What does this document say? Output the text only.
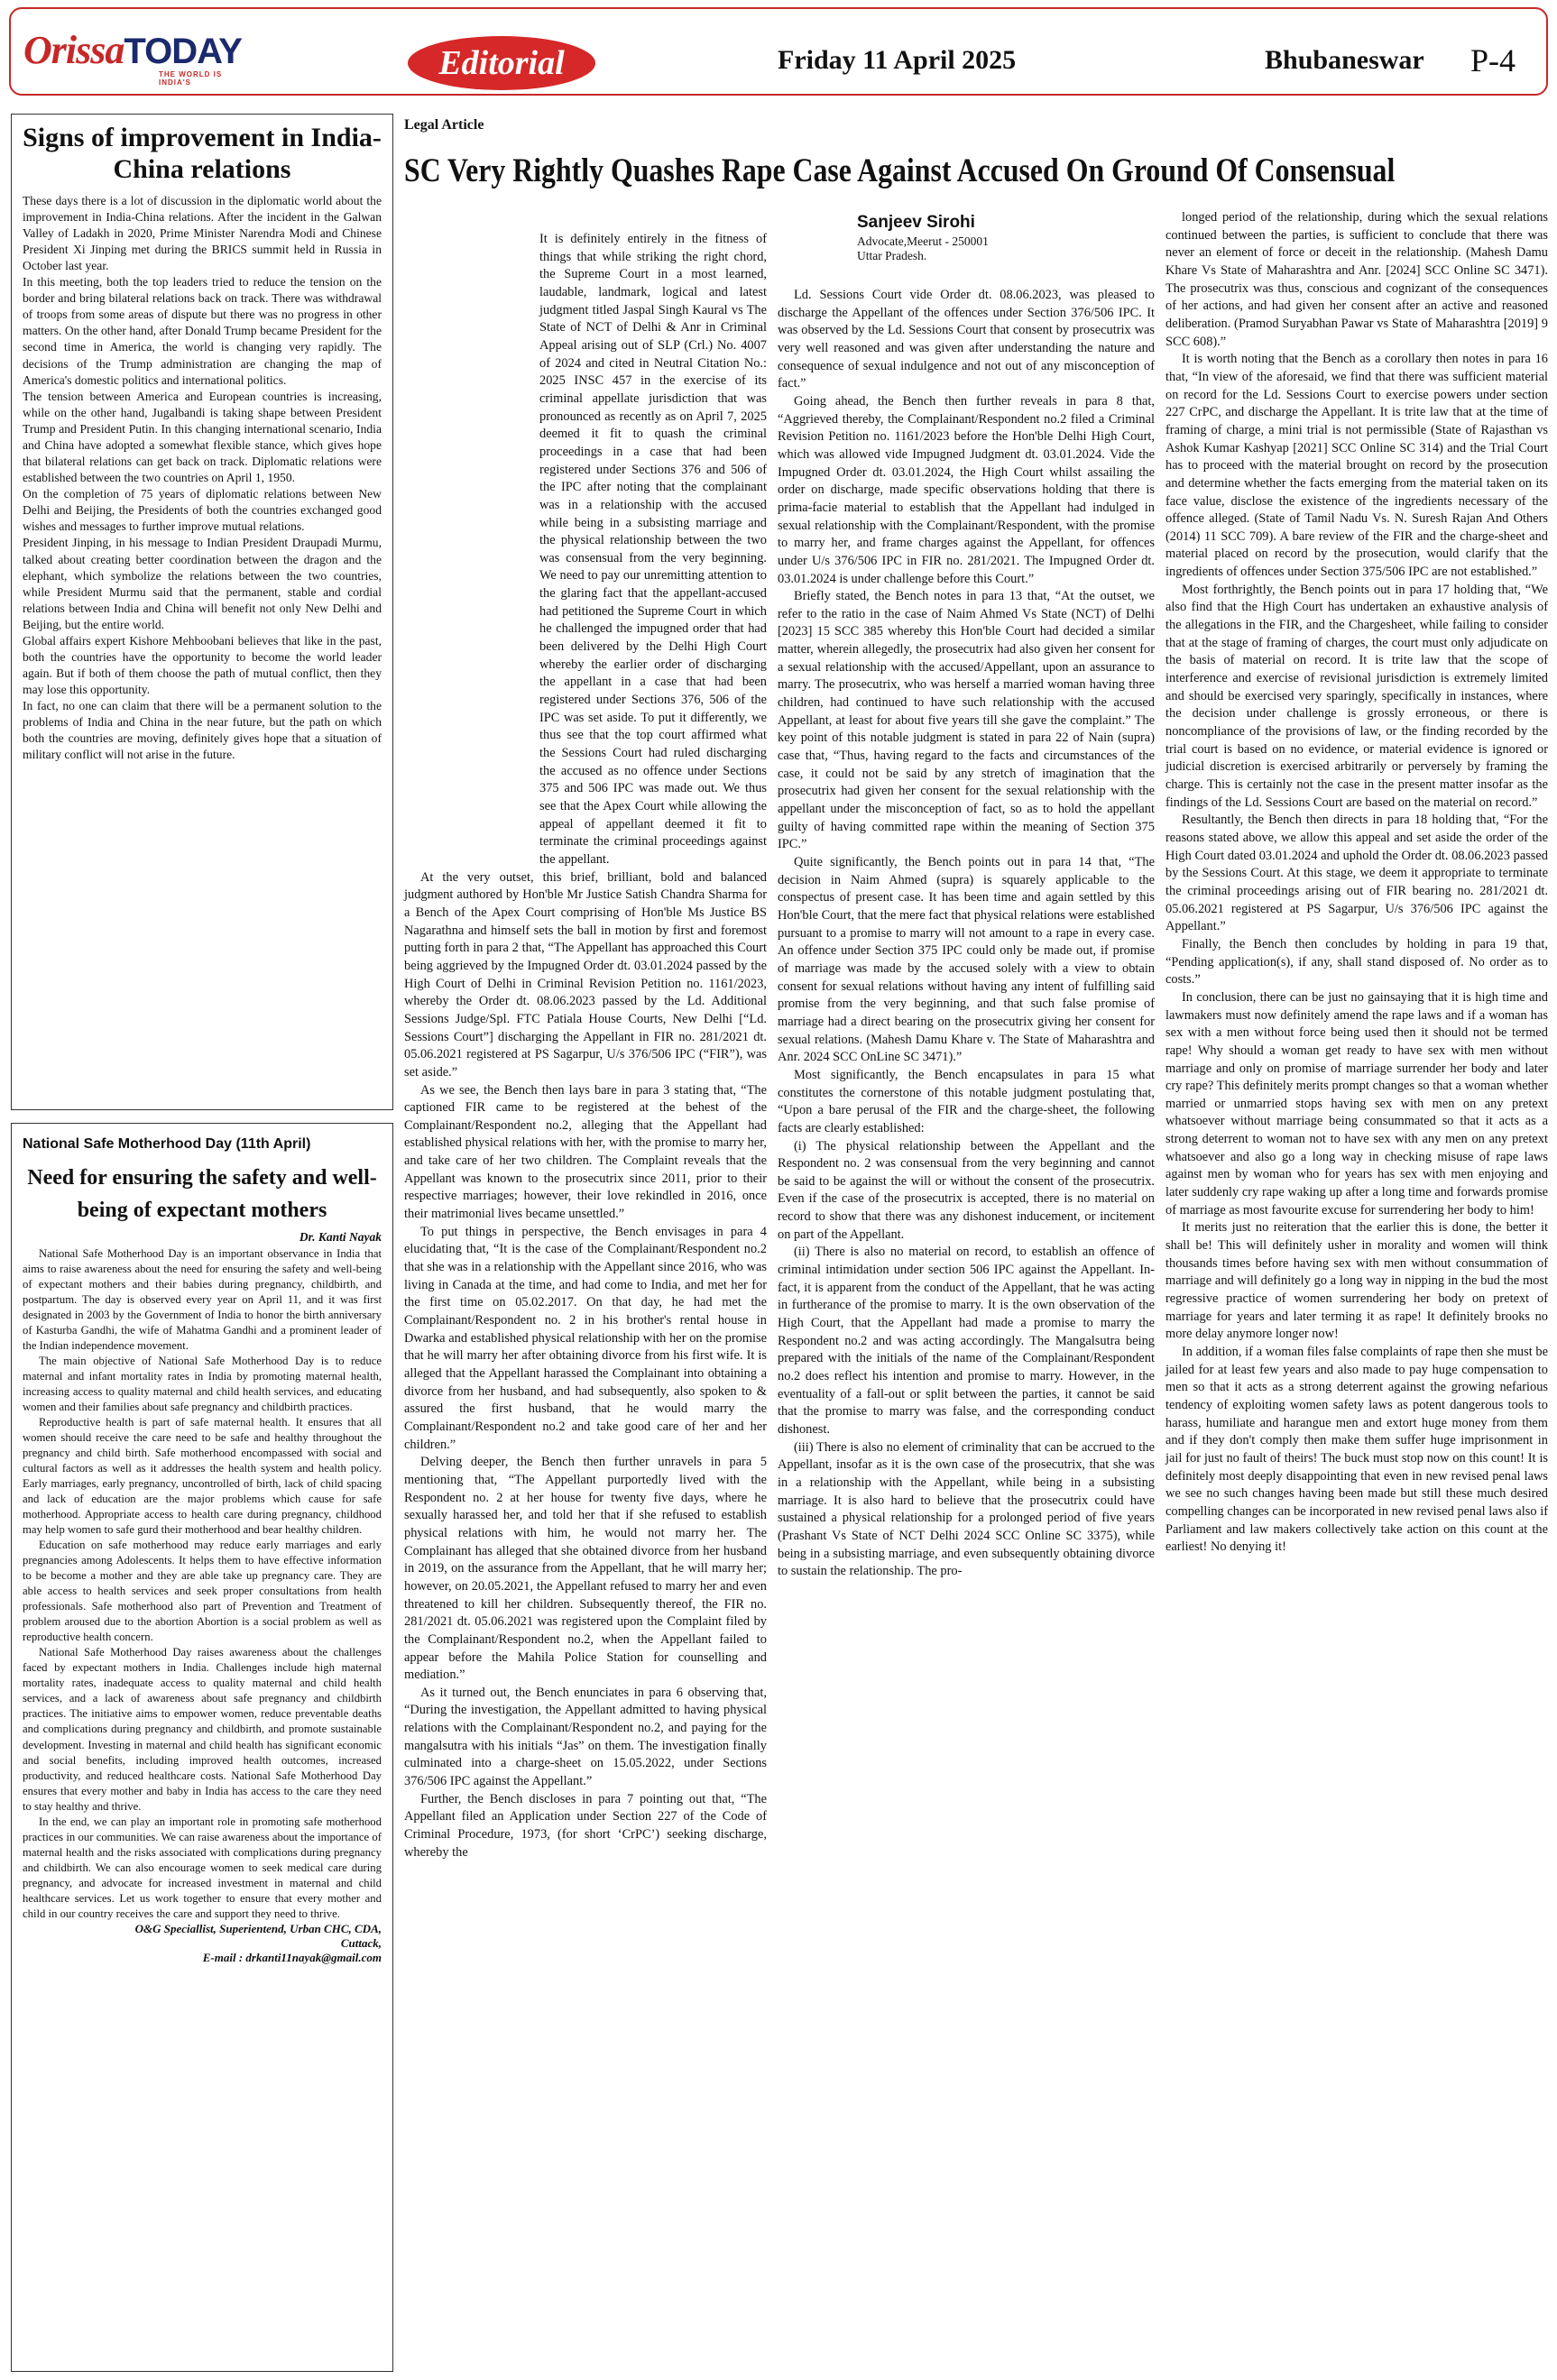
OrissaTODAY
THE WORLD IS INDIA'S
Editorial	Friday 11 April 2025	Bhubaneswar P-4
Signs of improvement in India-China relations

These days there is a lot of discussion in the diplomatic world about the improvement in India-China relations. After the incident in the Galwan Valley of Ladakh in 2020, Prime Minister Narendra Modi and Chinese President Xi Jinping met during the BRICS summit held in Russia in October last year.

In this meeting, both the top leaders tried to reduce the tension on the border and bring bilateral relations back on track. There was withdrawal of troops from some areas of dispute but there was no progress in other matters. On the other hand, after Donald Trump became President for the second time in America, the world is changing very rapidly. The decisions of the Trump administration are changing the map of America's domestic politics and international politics.

The tension between America and European countries is increasing, while on the other hand, Jugalbandi is taking shape between President Trump and President Putin. In this changing international scenario, India and China have adopted a somewhat flexible stance, which gives hope that bilateral relations can get back on track. Diplomatic relations were established between the two countries on April 1, 1950.

On the completion of 75 years of diplomatic relations between New Delhi and Beijing, the Presidents of both the countries exchanged good wishes and messages to further improve mutual relations.

President Jinping, in his message to Indian President Draupadi Murmu, talked about creating better coordination between the dragon and the elephant, which symbolize the relations between the two countries, while President Murmu said that the permanent, stable and cordial relations between India and China will benefit not only New Delhi and Beijing, but the entire world.

Global affairs expert Kishore Mehboobani believes that like in the past, both the countries have the opportunity to become the world leader again. But if both of them choose the path of mutual conflict, then they may lose this opportunity.

In fact, no one can claim that there will be a permanent solution to the problems of India and China in the near future, but the path on which both the countries are moving, definitely gives hope that a situation of military conflict will not arise in the future.

National Safe Motherhood Day (11th April)
Need for ensuring the safety and well-being of expectant mothers
Dr. Kanti Nayak

National Safe Motherhood Day is an important observance in India that aims to raise awareness about the need for ensuring the safety and well-being of expectant mothers and their babies during pregnancy, childbirth, and postpartum. The day is observed every year on April 11, and it was first designated in 2003 by the Government of India to honor the birth anniversary of Kasturba Gandhi, the wife of Mahatma Gandhi and a prominent leader of the Indian independence movement.

The main objective of National Safe Motherhood Day is to reduce maternal and infant mortality rates in India by promoting maternal health, increasing access to quality maternal and child health services, and educating women and their families about safe pregnancy and childbirth practices.

Reproductive health is part of safe maternal health. It ensures that all women should receive the care need to be safe and healthy throughout the pregnancy and child birth. Safe motherhood encompassed with social and cultural factors as well as it addresses the health system and health policy. Early marriages, early pregnancy, uncontrolled of birth, lack of child spacing and lack of education are the major problems which cause for safe motherhood. Appropriate access to health care during pregnancy, childhood may help women to safe gurd their motherhood and bear healthy children.

Education on safe motherhood may reduce early marriages and early pregnancies among Adolescents. It helps them to have effective information to be become a mother and they are able take up pregnancy care. They are able access to health services and seek proper consultations from health professionals. Safe motherhood also part of Prevention and Treatment of problem aroused due to the abortion Abortion is a social problem as well as reproductive health concern.

National Safe Motherhood Day raises awareness about the challenges faced by expectant mothers in India. Challenges include high maternal mortality rates, inadequate access to quality maternal and child health services, and a lack of awareness about safe pregnancy and childbirth practices. The initiative aims to empower women, reduce preventable deaths and complications during pregnancy and childbirth, and promote sustainable development. Investing in maternal and child health has significant economic and social benefits, including improved health outcomes, increased productivity, and reduced healthcare costs. National Safe Motherhood Day ensures that every mother and baby in India has access to the care they need to stay healthy and thrive.

In the end, we can play an important role in promoting safe motherhood practices in our communities. We can raise awareness about the importance of maternal health and the risks associated with complications during pregnancy and childbirth. We can also encourage women to seek medical care during pregnancy, and advocate for increased investment in maternal and child healthcare services. Let us work together to ensure that every mother and child in our country receives the care and support they need to thrive.

O&G Speciallist, Superientend, Urban CHC, CDA,
Cuttack,
E-mail : drkanti11nayak@gmail.com
Legal Article
SC Very Rightly Quashes Rape Case Against Accused On Ground Of Consensual

It is definitely entirely in the fitness of things that while striking the right chord, the Supreme Court in a most learned, laudable, landmark, logical and latest judgment titled Jaspal Singh Kaural vs The State of NCT of Delhi & Anr in Criminal Appeal arising out of SLP (Crl.) No. 4007 of 2024 and cited in Neutral Citation No.: 2025 INSC 457 in the exercise of its criminal appellate jurisdiction that was pronounced as recently as on April 7, 2025 deemed it fit to quash the criminal proceedings in a case that had been registered under Sections 376 and 506 of the IPC after noting that the complainant was in a relationship with the accused while being in a subsisting marriage and the physical relationship between the two was consensual from the very beginning. We need to pay our unremitting attention to the glaring fact that the appellant-accused had petitioned the Supreme Court in which he challenged the impugned order that had been delivered by the Delhi High Court whereby the earlier order of discharging the appellant in a case that had been registered under Sections 376, 506 of the IPC was set aside. To put it differently, we thus see that the top court affirmed what the Sessions Court had ruled discharging the accused as no offence under Sections 375 and 506 IPC was made out. We thus see that the Apex Court while allowing the appeal of appellant deemed it fit to terminate the criminal proceedings against the appellant.

At the very outset, this brief, brilliant, bold and balanced judgment authored by Hon'ble Mr Justice Satish Chandra Sharma for a Bench of the Apex Court comprising of Hon'ble Ms Justice BS Nagarathna and himself sets the ball in motion by first and foremost putting forth in para 2 that, “The Appellant has approached this Court being aggrieved by the Impugned Order dt. 03.01.2024 passed by the High Court of Delhi in Criminal Revision Petition no. 1161/2023, whereby the Order dt. 08.06.2023 passed by the Ld. Additional Sessions Judge/Spl. FTC Patiala House Courts, New Delhi [“Ld. Sessions Court”] discharging the Appellant in FIR no. 281/2021 dt. 05.06.2021 registered at PS Sagarpur, U/s 376/506 IPC (“FIR”), was set aside.”

As we see, the Bench then lays bare in para 3 stating that, “The captioned FIR came to be registered at the behest of the Complainant/Respondent no.2, alleging that the Appellant had established physical relations with her, with the promise to marry her, and take care of her two children. The Complaint reveals that the Appellant was known to the prosecutrix since 2011, prior to their respective marriages; however, their love rekindled in 2016, once their matrimonial lives became unsettled.”

To put things in perspective, the Bench envisages in para 4 elucidating that, “It is the case of the Complainant/Respondent no.2 that she was in a relationship with the Appellant since 2016, who was living in Canada at the time, and had come to India, and met her for the first time on 05.02.2017. On that day, he had met the Complainant/Respondent no. 2 in his brother's rental house in Dwarka and established physical relationship with her on the promise that he will marry her after obtaining divorce from his first wife. It is alleged that the Appellant harassed the Complainant into obtaining a divorce from her husband, and had subsequently, also spoken to & assured the first husband, that he would marry the Complainant/Respondent no.2 and take good care of her and her children.”

Delving deeper, the Bench then further unravels in para 5 mentioning that, “The Appellant purportedly lived with the Respondent no. 2 at her house for twenty five days, where he sexually harassed her, and told her that if she refused to establish physical relations with him, he would not marry her. The Complainant has alleged that she obtained divorce from her husband in 2019, on the assurance from the Appellant, that he will marry her; however, on 20.05.2021, the Appellant refused to marry her and even threatened to kill her children. Subsequently thereof, the FIR no. 281/2021 dt. 05.06.2021 was registered upon the Complaint filed by the Complainant/Respondent no.2, when the Appellant failed to appear before the Mahila Police Station for counselling and mediation.”

As it turned out, the Bench enunciates in para 6 observing that, “During the investigation, the Appellant admitted to having physical relations with the Complainant/Respondent no.2, and paying for the mangalsutra with his initials “Jas” on them. The investigation finally culminated into a charge-sheet on 15.05.2022, under Sections 376/506 IPC against the Appellant.”

Further, the Bench discloses in para 7 pointing out that, “The Appellant filed an Application under Section 227 of the Code of Criminal Procedure, 1973, (for short ‘CrPC’) seeking discharge, whereby the

Sanjeev Sirohi
Advocate,Meerut - 250001
Uttar Pradesh.

Ld. Sessions Court vide Order dt. 08.06.2023, was pleased to discharge the Appellant of the offences under Section 376/506 IPC. It was observed by the Ld. Sessions Court that consent by prosecutrix was very well reasoned and was given after understanding the nature and consequence of sexual indulgence and not out of any misconception of fact.”

Going ahead, the Bench then further reveals in para 8 that, “Aggrieved thereby, the Complainant/Respondent no.2 filed a Criminal Revision Petition no. 1161/2023 before the Hon'ble Delhi High Court, which was allowed vide Impugned Judgment dt. 03.01.2024. Vide the Impugned Order dt. 03.01.2024, the High Court whilst assailing the order on discharge, made specific observations holding that there is prima-facie material to establish that the Appellant had indulged in sexual relationship with the Complainant/Respondent, with the promise to marry her, and frame charges against the Appellant, for offences under U/s 376/506 IPC in FIR no. 281/2021. The Impugned Order dt. 03.01.2024 is under challenge before this Court.”

Briefly stated, the Bench notes in para 13 that, “At the outset, we refer to the ratio in the case of Naim Ahmed Vs State (NCT) of Delhi [2023] 15 SCC 385 whereby this Hon'ble Court had decided a similar matter, wherein allegedly, the prosecutrix had also given her consent for a sexual relationship with the accused/Appellant, upon an assurance to marry. The prosecutrix, who was herself a married woman having three children, had continued to have such relationship with the accused Appellant, at least for about five years till she gave the complaint.” The key point of this notable judgment is stated in para 22 of Nain (supra) case that, “Thus, having regard to the facts and circumstances of the case, it could not be said by any stretch of imagination that the prosecutrix had given her consent for the sexual relationship with the appellant under the misconception of fact, so as to hold the appellant guilty of having committed rape within the meaning of Section 375 IPC.”

Quite significantly, the Bench points out in para 14 that, “The decision in Naim Ahmed (supra) is squarely applicable to the conspectus of present case. It has been time and again settled by this Hon'ble Court, that the mere fact that physical relations were established pursuant to a promise to marry will not amount to a rape in every case. An offence under Section 375 IPC could only be made out, if promise of marriage was made by the accused solely with a view to obtain consent for sexual relations without having any intent of fulfilling said promise from the very beginning, and that such false promise of marriage had a direct bearing on the prosecutrix giving her consent for sexual relations. (Mahesh Damu Khare v. The State of Maharashtra and Anr. 2024 SCC OnLine SC 3471).”

Most significantly, the Bench encapsulates in para 15 what constitutes the cornerstone of this notable judgment postulating that, “Upon a bare perusal of the FIR and the charge-sheet, the following facts are clearly established:

(i) The physical relationship between the Appellant and the Respondent no. 2 was consensual from the very beginning and cannot be said to be against the will or without the consent of the prosecutrix. Even if the case of the prosecutrix is accepted, there is no material on record to show that there was any dishonest inducement, or incitement on part of the Appellant.

(ii) There is also no material on record, to establish an offence of criminal intimidation under section 506 IPC against the Appellant. In-fact, it is apparent from the conduct of the Appellant, that he was acting in furtherance of the promise to marry. It is the own observation of the High Court, that the Appellant had made a promise to marry the Respondent no.2 and was acting accordingly. The Mangalsutra being prepared with the initials of the name of the Complainant/Respondent no.2 does reflect his intention and promise to marry. However, in the eventuality of a fall-out or split between the parties, it cannot be said that the promise to marry was false, and the corresponding conduct dishonest.

(iii) There is also no element of criminality that can be accrued to the Appellant, insofar as it is the own case of the prosecutrix, that she was in a relationship with the Appellant, while being in a subsisting marriage. It is also hard to believe that the prosecutrix could have sustained a physical relationship for a prolonged period of five years (Prashant Vs State of NCT Delhi 2024 SCC Online SC 3375), while being in a subsisting marriage, and even subsequently obtaining divorce to sustain the relationship. The pro-

longed period of the relationship, during which the sexual relations continued between the parties, is sufficient to conclude that there was never an element of force or deceit in the relationship. (Mahesh Damu Khare Vs State of Maharashtra and Anr. [2024] SCC Online SC 3471). The prosecutrix was thus, conscious and cognizant of the consequences of her actions, and had given her consent after an active and reasoned deliberation. (Pramod Suryabhan Pawar vs State of Maharashtra [2019] 9 SCC 608).”

It is worth noting that the Bench as a corollary then notes in para 16 that, “In view of the aforesaid, we find that there was sufficient material on record for the Ld. Sessions Court to exercise powers under section 227 CrPC, and discharge the Appellant. It is trite law that at the time of framing of charge, a mini trial is not permissible (State of Rajasthan vs Ashok Kumar Kashyap [2021] SCC Online SC 314) and the Trial Court has to proceed with the material brought on record by the prosecution and determine whether the facts emerging from the material taken on its face value, disclose the existence of the ingredients necessary of the offence alleged. (State of Tamil Nadu Vs. N. Suresh Rajan And Others (2014) 11 SCC 709). A bare review of the FIR and the charge-sheet and material placed on record by the prosecution, would clarify that the ingredients of offences under Section 375/506 IPC are not established.”

Most forthrightly, the Bench points out in para 17 holding that, “We also find that the High Court has undertaken an exhaustive analysis of the allegations in the FIR, and the Chargesheet, while failing to consider that at the stage of framing of charges, the court must only adjudicate on the basis of material on record. It is trite law that the scope of interference and exercise of revisional jurisdiction is extremely limited and should be exercised very sparingly, specifically in instances, where the decision under challenge is grossly erroneous, or there is noncompliance of the provisions of law, or the finding recorded by the trial court is based on no evidence, or material evidence is ignored or judicial discretion is exercised arbitrarily or perversely by framing the charge. This is certainly not the case in the present matter insofar as the findings of the Ld. Sessions Court are based on the material on record.”

Resultantly, the Bench then directs in para 18 holding that, “For the reasons stated above, we allow this appeal and set aside the order of the High Court dated 03.01.2024 and uphold the Order dt. 08.06.2023 passed by the Sessions Court. At this stage, we deem it appropriate to terminate the criminal proceedings arising out of FIR bearing no. 281/2021 dt. 05.06.2021 registered at PS Sagarpur, U/s 376/506 IPC against the Appellant.”

Finally, the Bench then concludes by holding in para 19 that, “Pending application(s), if any, shall stand disposed of. No order as to costs.”

In conclusion, there can be just no gainsaying that it is high time and lawmakers must now definitely amend the rape laws and if a woman has sex with a men without force being used then it should not be termed rape! Why should a woman get ready to have sex with men without marriage and only on promise of marriage surrender her body and later cry rape? This definitely merits prompt changes so that a woman whether married or unmarried stops having sex with men on any pretext whatsoever without marriage being consummated so that it acts as a strong deterrent to woman not to have sex with any men on any pretext whatsoever and also go a long way in checking misuse of rape laws against men by woman who for years has sex with men enjoying and later suddenly cry rape waking up after a long time and forwards promise of marriage as most favourite excuse for surrendering her body to him!

It merits just no reiteration that the earlier this is done, the better it shall be! This will definitely usher in morality and women will think thousands times before having sex with men without consummation of marriage and will definitely go a long way in nipping in the bud the most regressive practice of women surrendering her body on pretext of marriage for years and later terming it as rape! It definitely brooks no more delay anymore longer now!

In addition, if a woman files false complaints of rape then she must be jailed for at least few years and also made to pay huge compensation to men so that it acts as a strong deterrent against the growing nefarious tendency of exploiting women safety laws as potent dangerous tools to harass, humiliate and harangue men and extort huge money from them and if they don't comply then make them suffer huge imprisonment in jail for just no fault of theirs! The buck must stop now on this count! It is definitely most deeply disappointing that even in new revised penal laws we see no such changes having been made but still these much desired compelling changes can be incorporated in new revised penal laws also if Parliament and law makers collectively take action on this count at the earliest! No denying it!
